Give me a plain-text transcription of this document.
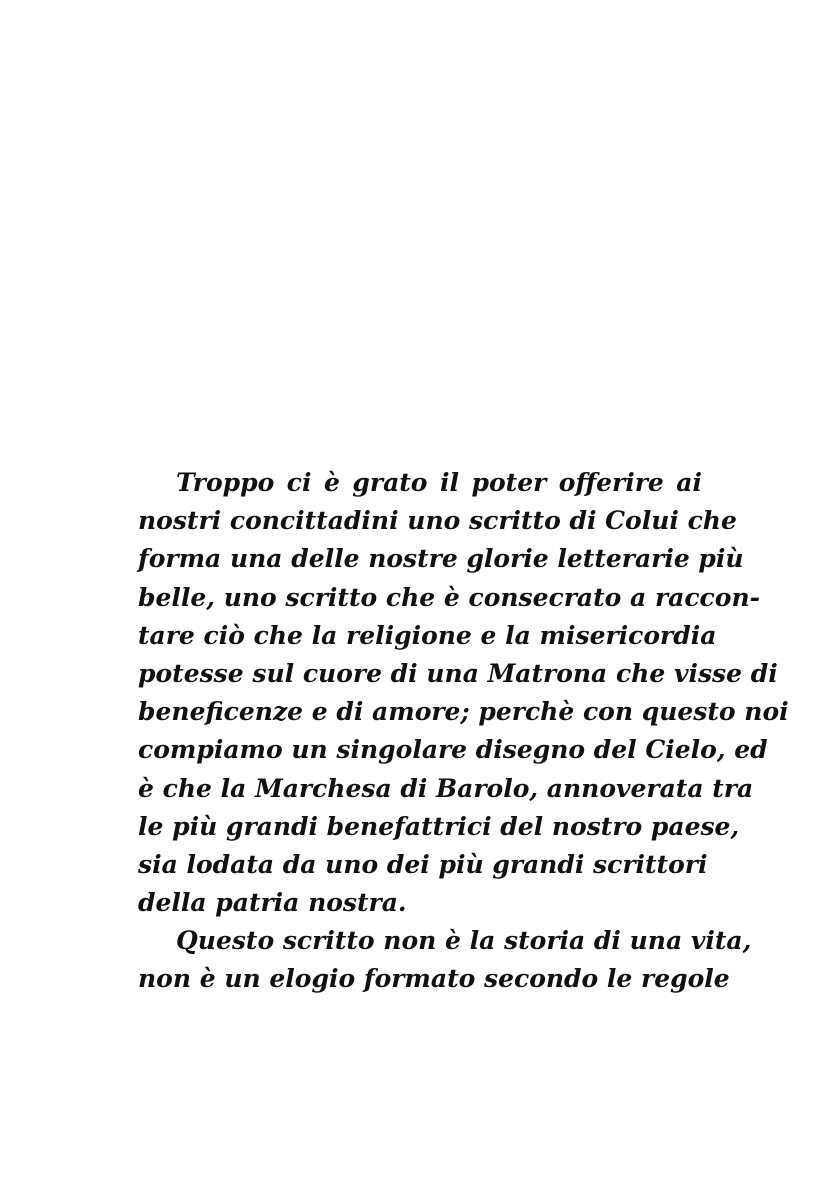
Troppo ci è grato il poter offerire ai
nostri concittadini uno scritto di Colui che
forma una delle nostre glorie letterarie più
belle, uno scritto che è consecrato a raccon-
tare ciò che la religione e la misericordia
potesse sul cuore di una Matrona che visse di
beneficenze e di amore; perchè con questo noi
compiamo un singolare disegno del Cielo, ed
è che la Marchesa di Barolo, annoverata tra
le più grandi benefattrici del nostro paese,
sia lodata da uno dei più grandi scrittori
della patria nostra.
Questo scritto non è la storia di una vita,
non è un elogio formato secondo le regole
